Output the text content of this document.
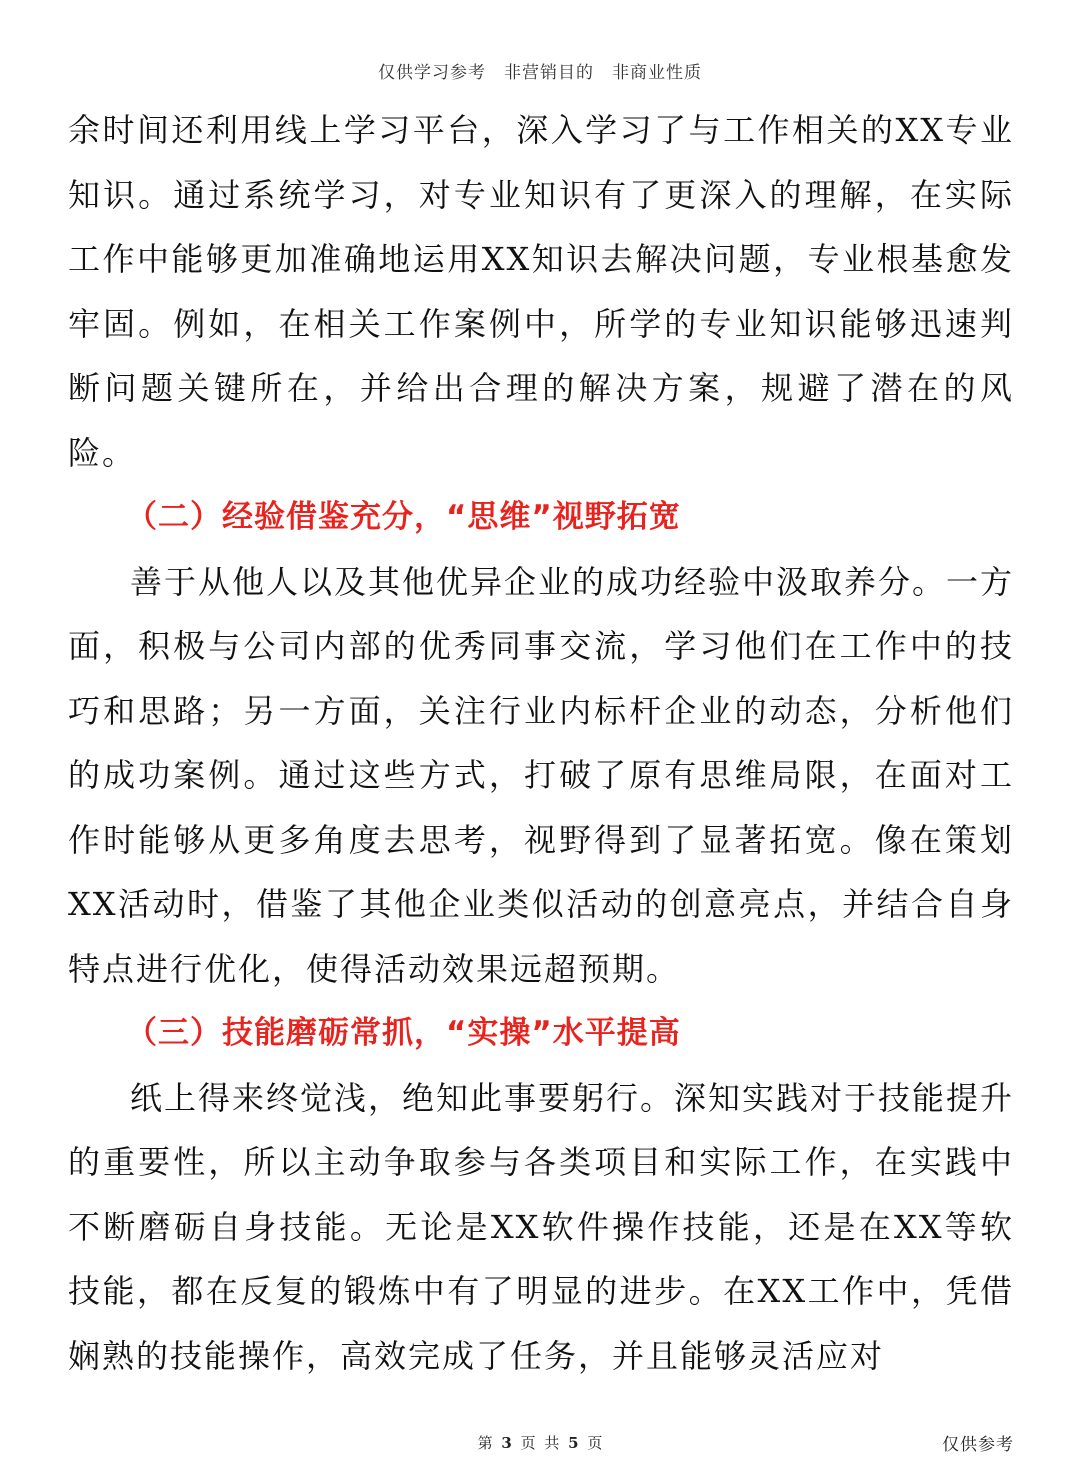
仅供学习参考　非营销目的　非商业性质

余时间还利用线上学习平台，深入学习了与工作相关的XX专业知识。通过系统学习，对专业知识有了更深入的理解，在实际工作中能够更加准确地运用XX知识去解决问题，专业根基愈发牢固。例如，在相关工作案例中，所学的专业知识能够迅速判断问题关键所在，并给出合理的解决方案，规避了潜在的风险。

（二）经验借鉴充分，“思维”视野拓宽

善于从他人以及其他优异企业的成功经验中汲取养分。一方面，积极与公司内部的优秀同事交流，学习他们在工作中的技巧和思路；另一方面，关注行业内标杆企业的动态，分析他们的成功案例。通过这些方式，打破了原有思维局限，在面对工作时能够从更多角度去思考，视野得到了显著拓宽。像在策划XX活动时，借鉴了其他企业类似活动的创意亮点，并结合自身特点进行优化，使得活动效果远超预期。

（三）技能磨砺常抓，“实操”水平提高

纸上得来终觉浅，绝知此事要躬行。深知实践对于技能提升的重要性，所以主动争取参与各类项目和实际工作，在实践中不断磨砺自身技能。无论是XX软件操作技能，还是在XX等软技能，都在反复的锻炼中有了明显的进步。在XX工作中，凭借娴熟的技能操作，高效完成了任务，并且能够灵活应对

第 3 页 共 5 页	仅供参考
